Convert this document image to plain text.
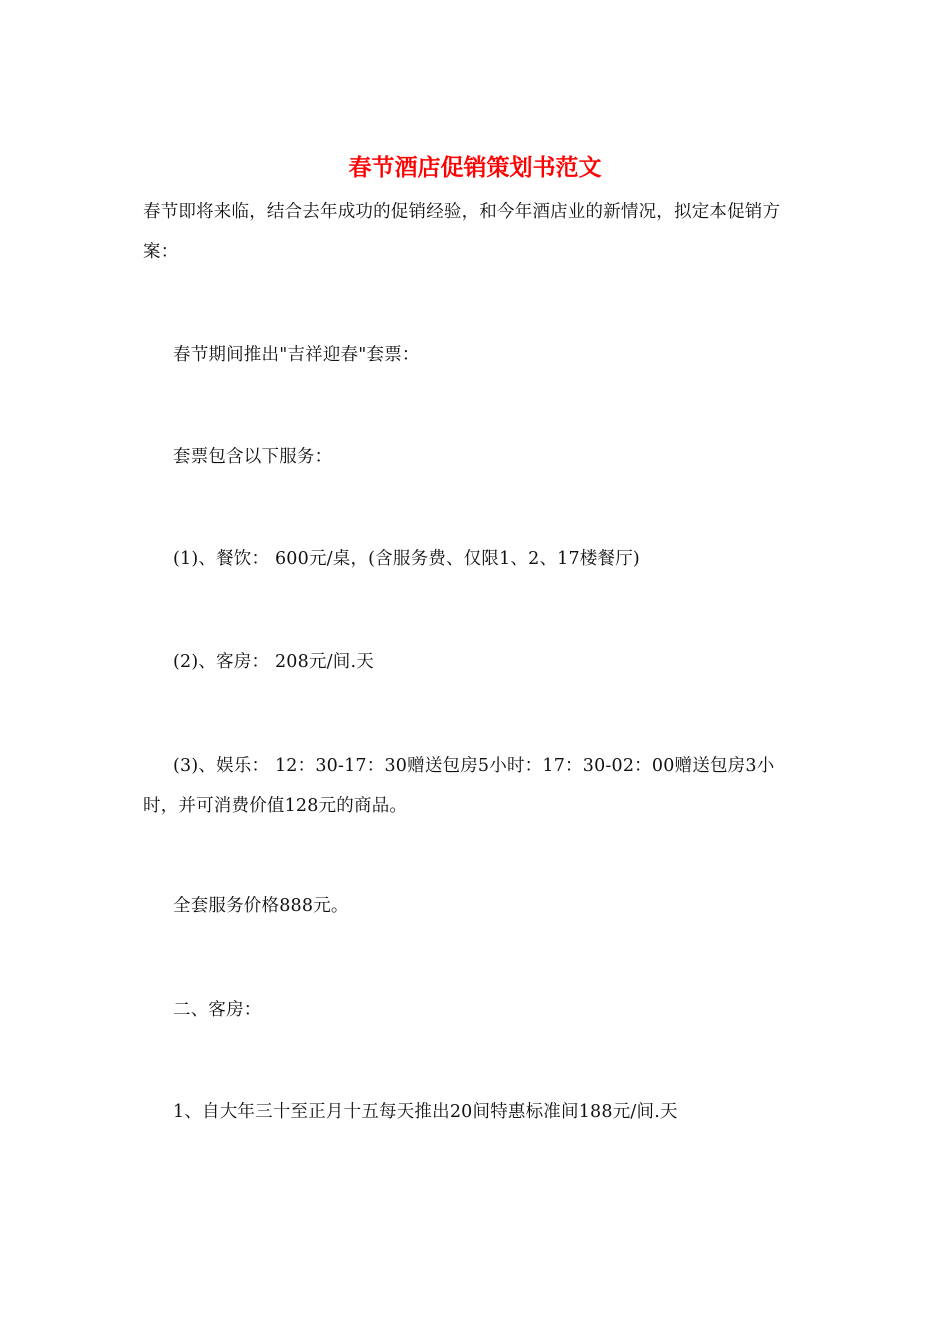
春节酒店促销策划书范文

春节即将来临，结合去年成功的促销经验，和今年酒店业的新情况，拟定本促销方案：

春节期间推出"吉祥迎春"套票：

套票包含以下服务：

(1)、餐饮： 600元/桌，(含服务费、仅限1、2、17楼餐厅)

(2)、客房： 208元/间.天

(3)、娱乐： 12：30-17：30赠送包房5小时：17：30-02：00赠送包房3小时，并可消费价值128元的商品。

全套服务价格888元。

二、客房：

1、自大年三十至正月十五每天推出20间特惠标准间188元/间.天
